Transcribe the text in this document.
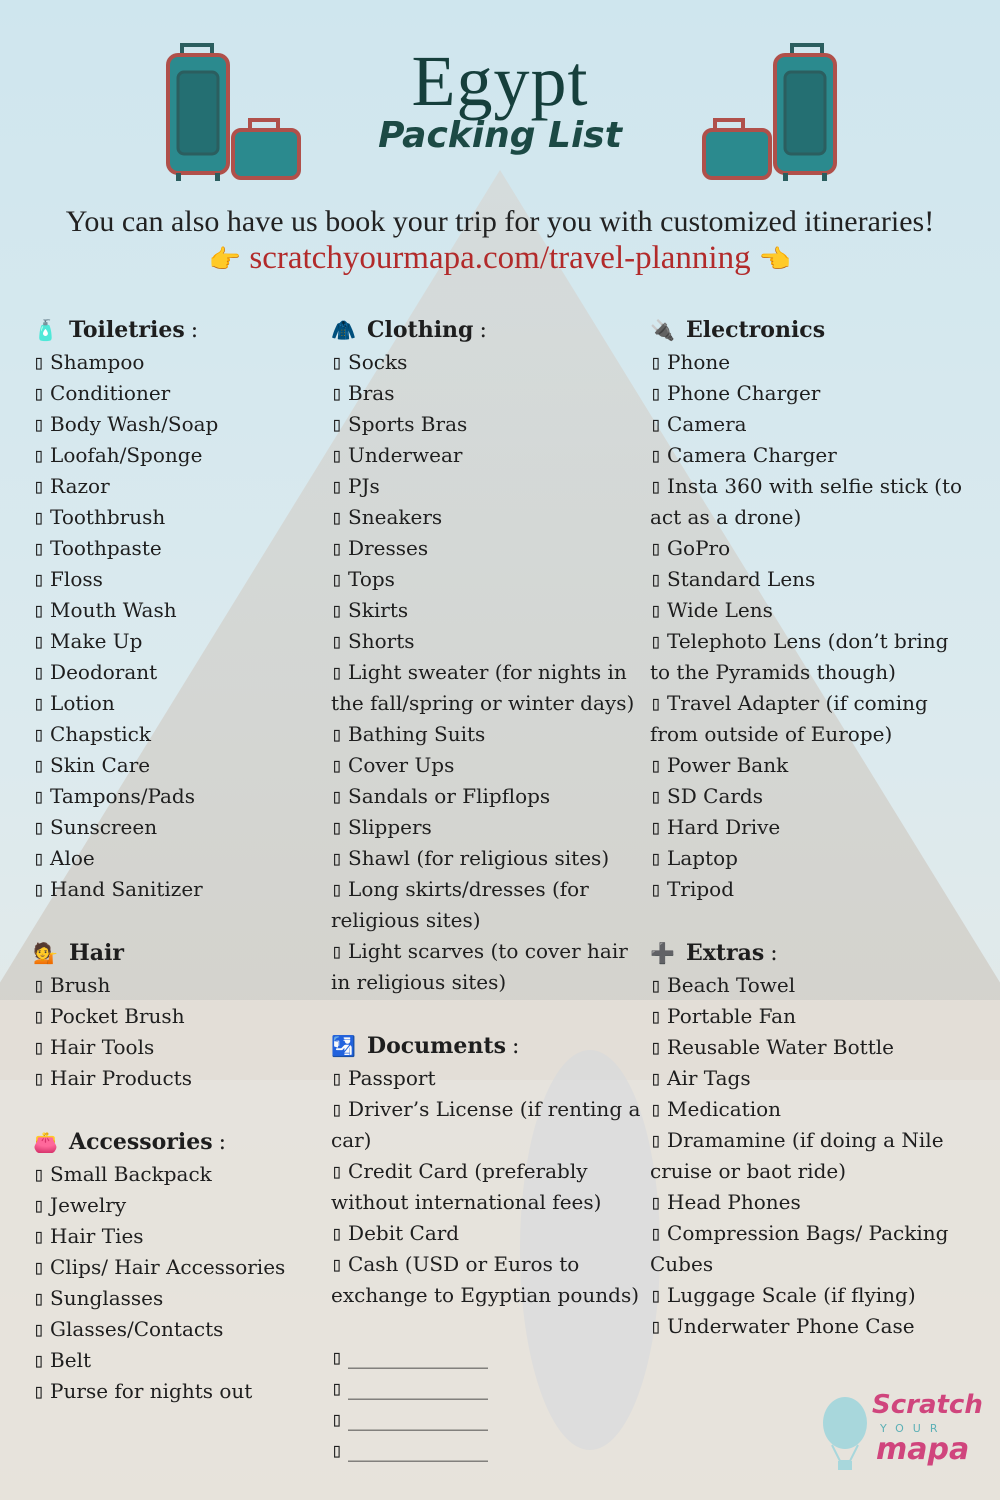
Egypt
Packing List
You can also have us book your trip for you with customized itineraries!
👉 scratchyourmapa.com/travel-planning 👈
🧴 Toiletries :
▯ Shampoo
▯ Conditioner
▯ Body Wash/Soap
▯ Loofah/Sponge
▯ Razor
▯ Toothbrush
▯ Toothpaste
▯ Floss
▯ Mouth Wash
▯ Make Up
▯ Deodorant
▯ Lotion
▯ Chapstick
▯ Skin Care
▯ Tampons/Pads
▯ Sunscreen
▯ Aloe
▯ Hand Sanitizer
💁 Hair
▯ Brush
▯ Pocket Brush
▯ Hair Tools
▯ Hair Products
👛 Accessories :
▯ Small Backpack
▯ Jewelry
▯ Hair Ties
▯ Clips/ Hair Accessories
▯ Sunglasses
▯ Glasses/Contacts
▯ Belt
▯ Purse for nights out
🧥 Clothing :
▯ Socks
▯ Bras
▯ Sports Bras
▯ Underwear
▯ PJs
▯ Sneakers
▯ Dresses
▯ Tops
▯ Skirts
▯ Shorts
▯ Light sweater (for nights in the fall/spring or winter days)
▯ Bathing Suits
▯ Cover Ups
▯ Sandals or Flipflops
▯ Slippers
▯ Shawl (for religious sites)
▯ Long skirts/dresses (for religious sites)
▯ Light scarves (to cover hair in religious sites)
🛂 Documents :
▯ Passport
▯ Driver’s License (if renting a car)
▯ Credit Card (preferably without international fees)
▯ Debit Card
▯ Cash (USD or Euros to exchange to Egyptian pounds)
▯ ______________
▯ ______________
▯ ______________
▯ ______________
🔌 Electronics
▯ Phone
▯ Phone Charger
▯ Camera
▯ Camera Charger
▯ Insta 360 with selfie stick (to act as a drone)
▯ GoPro
▯ Standard Lens
▯ Wide Lens
▯ Telephoto Lens (don’t bring to the Pyramids though)
▯ Travel Adapter (if coming from outside of Europe)
▯ Power Bank
▯ SD Cards
▯ Hard Drive
▯ Laptop
▯ Tripod
➕ Extras :
▯ Beach Towel
▯ Portable Fan
▯ Reusable Water Bottle
▯ Air Tags
▯ Medication
▯ Dramamine (if doing a Nile cruise or baot ride)
▯ Head Phones
▯ Compression Bags/ Packing Cubes
▯ Luggage Scale (if flying)
▯ Underwater Phone Case
Scratch
YOUR
mapa
